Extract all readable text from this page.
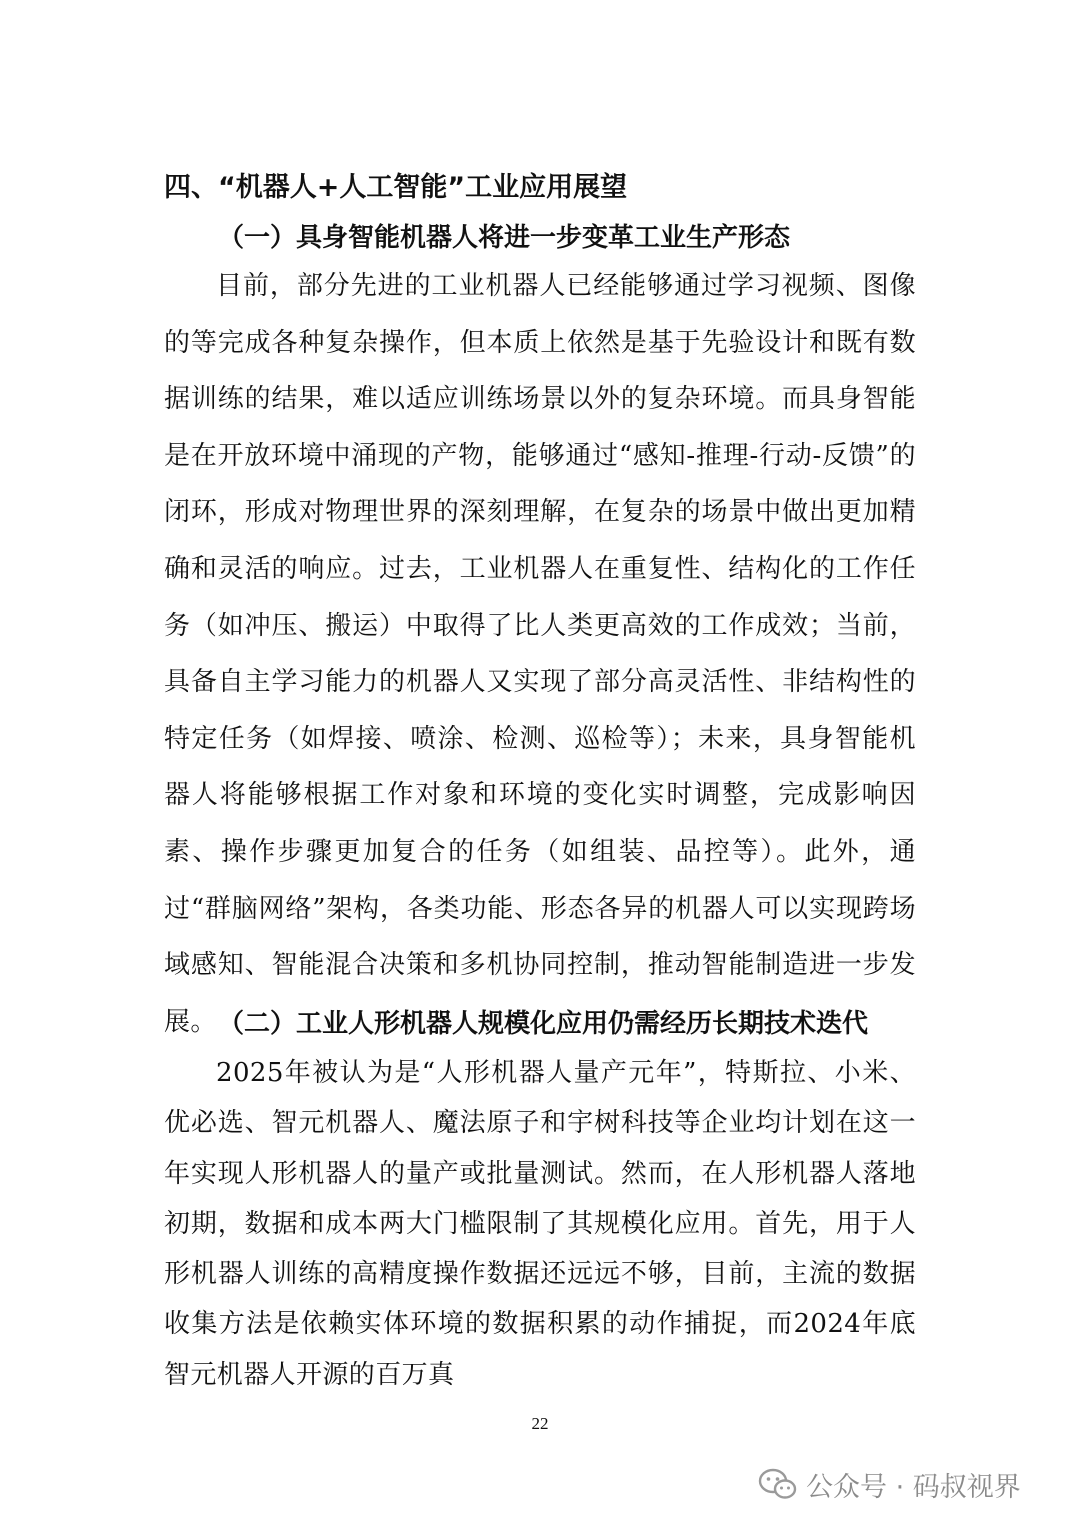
四、“机器人+人工智能”工业应用展望
（一）具身智能机器人将进一步变革工业生产形态

目前，部分先进的工业机器人已经能够通过学习视频、图像的等完成各种复杂操作，但本质上依然是基于先验设计和既有数据训练的结果，难以适应训练场景以外的复杂环境。而具身智能是在开放环境中涌现的产物，能够通过“感知-推理-行动-反馈”的闭环，形成对物理世界的深刻理解，在复杂的场景中做出更加精确和灵活的响应。过去，工业机器人在重复性、结构化的工作任务（如冲压、搬运）中取得了比人类更高效的工作成效；当前，具备自主学习能力的机器人又实现了部分高灵活性、非结构性的特定任务（如焊接、喷涂、检测、巡检等）；未来，具身智能机器人将能够根据工作对象和环境的变化实时调整，完成影响因素、操作步骤更加复合的任务（如组装、品控等）。此外，通过“群脑网络”架构，各类功能、形态各异的机器人可以实现跨场域感知、智能混合决策和多机协同控制，推动智能制造进一步发展。 （二）工业人形机器人规模化应用仍需经历长期技术迭代

2025年被认为是“人形机器人量产元年”，特斯拉、小米、优必选、智元机器人、魔法原子和宇树科技等企业均计划在这一年实现人形机器人的量产或批量测试。然而，在人形机器人落地初期，数据和成本两大门槛限制了其规模化应用。首先，用于人形机器人训练的高精度操作数据还远远不够，目前，主流的数据收集方法是依赖实体环境的数据积累的动作捕捉，而2024年底智元机器人开源的百万真

22
公众号 · 码叔视界
